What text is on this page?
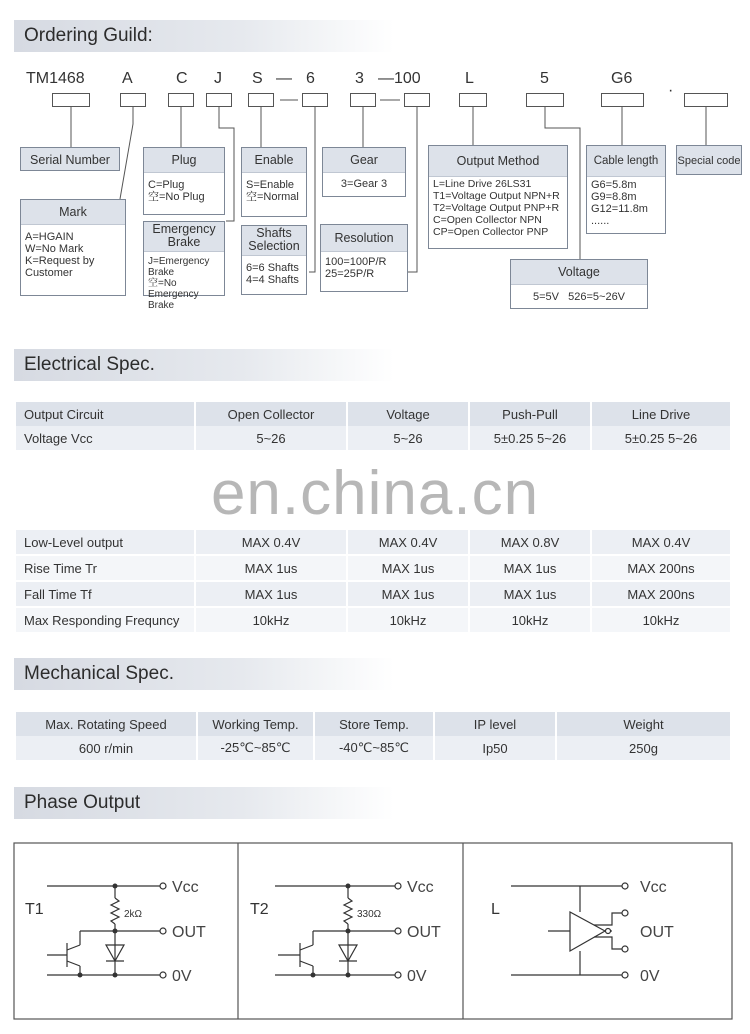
Ordering Guild:
TM1468 A	C J S — 6	3 —100	L	5	G6
·
Serial Number
Mark
A=HGAIN
W=No Mark
K=Request by
Customer
Plug
C=Plug
空=No Plug
Emergency
Brake
J=Emergency Brake
空=No Emergency
Brake
Enable
S=Enable
空=Normal
Shafts
Selection
6=6 Shafts
4=4 Shafts
Gear
3=Gear 3
Resolution
100=100P/R
25=25P/R
Output Method
L=Line Drive 26LS31
T1=Voltage Output NPN+R
T2=Voltage Output PNP+R
C=Open Collector NPN
CP=Open Collector PNP
Voltage
5=5V   526=5~26V
Cable length
G6=5.8m
G9=8.8m
G12=11.8m
......
Special code
Electrical Spec.
Output Circuit	Open Collector	Voltage	Push-Pull	Line Drive
Voltage Vcc	5~26	5~26	5±0.25 5~26	5±0.25 5~26
en.china.cn
Low-Level output	MAX 0.4V	MAX 0.4V	MAX 0.8V	MAX 0.4V
Rise Time Tr	MAX 1us	MAX 1us	MAX 1us	MAX 200ns
Fall Time Tf	MAX 1us	MAX 1us	MAX 1us	MAX 200ns
Max Responding Frequncy	10kHz	10kHz	10kHz	10kHz
Mechanical Spec.
Max. Rotating Speed	Working Temp.	Store Temp.	IP level	Weight
600 r/min	-25℃~85℃	-40℃~85℃	Ip50	250g
Phase Output
T1	2kΩ
Vcc
OUT
0V
T2	330Ω
Vcc
OUT
0V
L
Vcc
OUT
0V
